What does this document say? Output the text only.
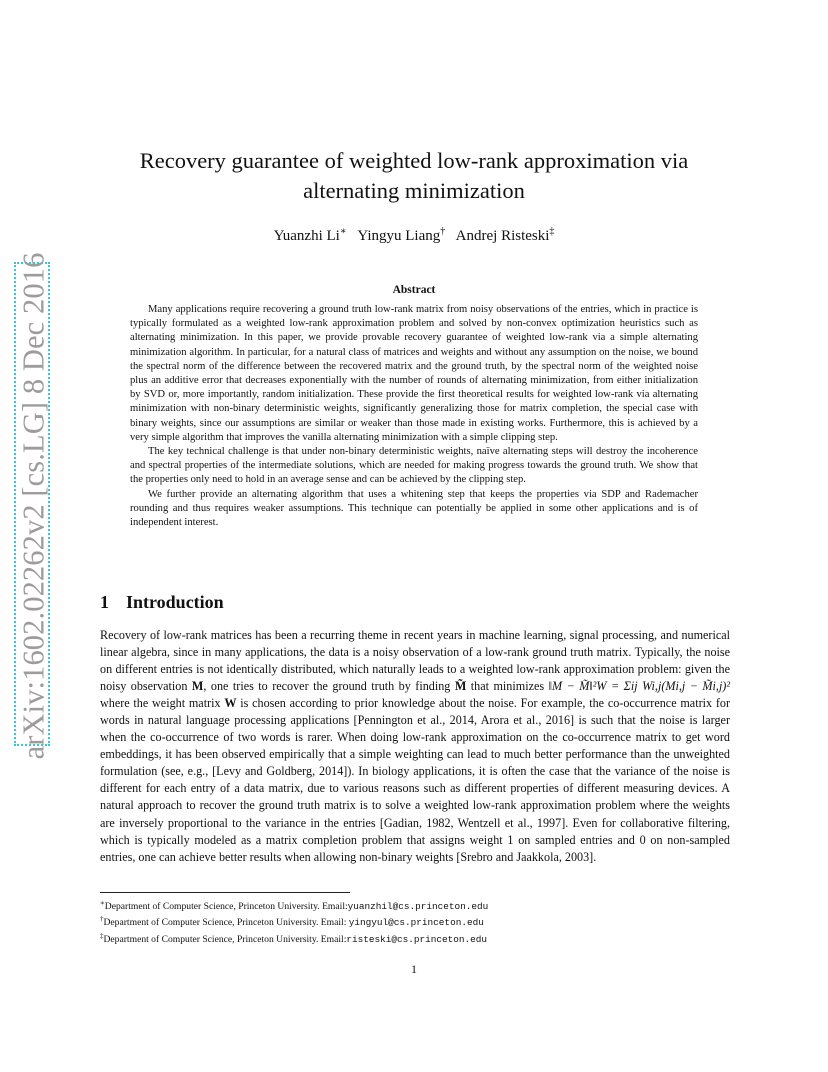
arXiv:1602.02262v2 [cs.LG] 8 Dec 2016
Recovery guarantee of weighted low-rank approximation via
alternating minimization
Yuanzhi Li∗ Yingyu Liang† Andrej Risteski‡
Abstract

Many applications require recovering a ground truth low-rank matrix from noisy observations of the entries, which in practice is typically formulated as a weighted low-rank approximation problem and solved by non-convex optimization heuristics such as alternating minimization. In this paper, we provide provable recovery guarantee of weighted low-rank via a simple alternating minimization algorithm. In particular, for a natural class of matrices and weights and without any assumption on the noise, we bound the spectral norm of the difference between the recovered matrix and the ground truth, by the spectral norm of the weighted noise plus an additive error that decreases exponentially with the number of rounds of alternating minimization, from either initialization by SVD or, more importantly, random initialization. These provide the first theoretical results for weighted low-rank via alternating minimization with non-binary deterministic weights, significantly generalizing those for matrix completion, the special case with binary weights, since our assumptions are similar or weaker than those made in existing works. Furthermore, this is achieved by a very simple algorithm that improves the vanilla alternating minimization with a simple clipping step.

The key technical challenge is that under non-binary deterministic weights, naïve alternating steps will destroy the incoherence and spectral properties of the intermediate solutions, which are needed for making progress towards the ground truth. We show that the properties only need to hold in an average sense and can be achieved by the clipping step.

We further provide an alternating algorithm that uses a whitening step that keeps the properties via SDP and Rademacher rounding and thus requires weaker assumptions. This technique can potentially be applied in some other applications and is of independent interest.

1 Introduction

Recovery of low-rank matrices has been a recurring theme in recent years in machine learning, signal processing, and numerical linear algebra, since in many applications, the data is a noisy observation of a low-rank ground truth matrix. Typically, the noise on different entries is not identically distributed, which naturally leads to a weighted low-rank approximation problem: given the noisy observation M, one tries to recover the ground truth by finding M̃ that minimizes ‖M − M̃‖²W = Σij Wi,j(Mi,j − M̃i,j)² where the weight matrix W is chosen according to prior knowledge about the noise. For example, the co-occurrence matrix for words in natural language processing applications [Pennington et al., 2014, Arora et al., 2016] is such that the noise is larger when the co-occurrence of two words is rarer. When doing low-rank approximation on the co-occurrence matrix to get word embeddings, it has been observed empirically that a simple weighting can lead to much better performance than the unweighted formulation (see, e.g., [Levy and Goldberg, 2014]). In biology applications, it is often the case that the variance of the noise is different for each entry of a data matrix, due to various reasons such as different properties of different measuring devices. A natural approach to recover the ground truth matrix is to solve a weighted low-rank approximation problem where the weights are inversely proportional to the variance in the entries [Gadian, 1982, Wentzell et al., 1997]. Even for collaborative filtering, which is typically modeled as a matrix completion problem that assigns weight 1 on sampled entries and 0 on non-sampled entries, one can achieve better results when allowing non-binary weights [Srebro and Jaakkola, 2003].

∗Department of Computer Science, Princeton University. Email:yuanzhil@cs.princeton.edu
†Department of Computer Science, Princeton University. Email: yingyul@cs.princeton.edu
‡Department of Computer Science, Princeton University. Email:risteski@cs.princeton.edu
1
